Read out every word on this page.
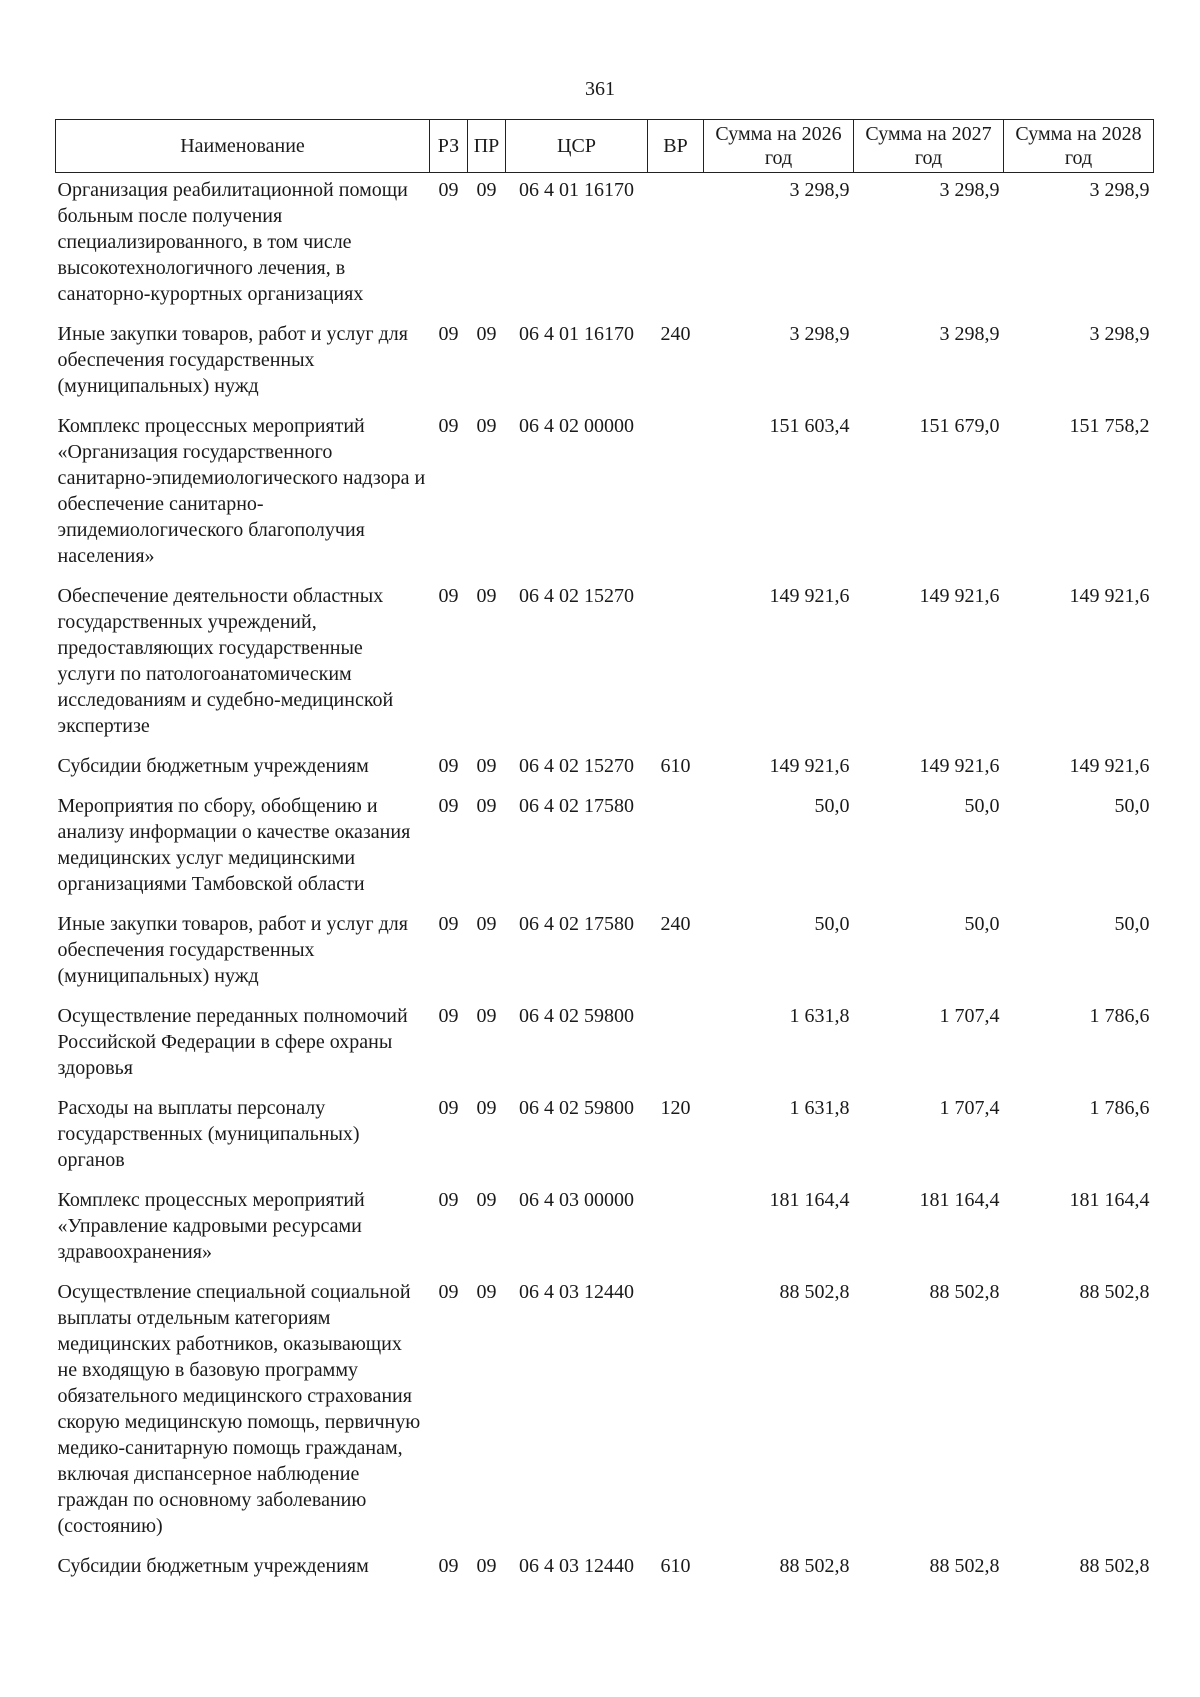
361
Наименование	РЗ	ПР	ЦСР	ВР	Сумма на 2026 год	Сумма на 2027 год	Сумма на 2028 год
Организация реабилитационной помощи больным после получения специализированного, в том числе высокотехнологичного лечения, в санаторно-курортных организациях	09	09	06 4 01 16170		3 298,9	3 298,9	3 298,9
Иные закупки товаров, работ и услуг для обеспечения государственных (муниципальных) нужд	09	09	06 4 01 16170	240	3 298,9	3 298,9	3 298,9
Комплекс процессных мероприятий «Организация государственного санитарно-эпидемиологического надзора и обеспечение санитарно-эпидемиологического благополучия населения»	09	09	06 4 02 00000		151 603,4	151 679,0	151 758,2
Обеспечение деятельности областных государственных учреждений, предоставляющих государственные услуги по патологоанатомическим исследованиям и судебно-медицинской экспертизе	09	09	06 4 02 15270		149 921,6	149 921,6	149 921,6
Субсидии бюджетным учреждениям	09	09	06 4 02 15270	610	149 921,6	149 921,6	149 921,6
Мероприятия по сбору, обобщению и анализу информации о качестве оказания медицинских услуг медицинскими организациями Тамбовской области	09	09	06 4 02 17580		50,0	50,0	50,0
Иные закупки товаров, работ и услуг для обеспечения государственных (муниципальных) нужд	09	09	06 4 02 17580	240	50,0	50,0	50,0
Осуществление переданных полномочий Российской Федерации в сфере охраны здоровья	09	09	06 4 02 59800		1 631,8	1 707,4	1 786,6
Расходы на выплаты персоналу государственных (муниципальных) органов	09	09	06 4 02 59800	120	1 631,8	1 707,4	1 786,6
Комплекс процессных мероприятий «Управление кадровыми ресурсами здравоохранения»	09	09	06 4 03 00000		181 164,4	181 164,4	181 164,4
Осуществление специальной социальной выплаты отдельным категориям медицинских работников, оказывающих не входящую в базовую программу обязательного медицинского страхования скорую медицинскую помощь, первичную медико-санитарную помощь гражданам, включая диспансерное наблюдение граждан по основному заболеванию (состоянию)	09	09	06 4 03 12440		88 502,8	88 502,8	88 502,8
Субсидии бюджетным учреждениям	09	09	06 4 03 12440	610	88 502,8	88 502,8	88 502,8
